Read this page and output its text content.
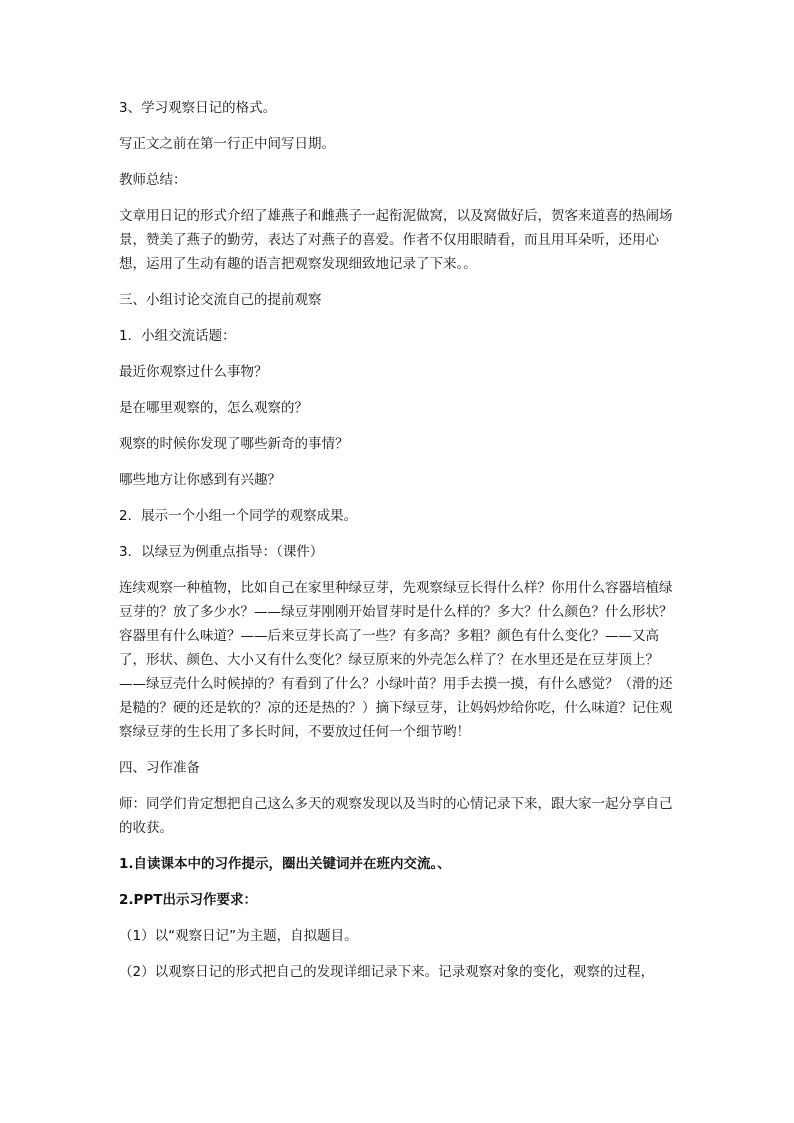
3、学习观察日记的格式。

写正文之前在第一行正中间写日期。

教师总结：

文章用日记的形式介绍了雄燕子和雌燕子一起衔泥做窝，以及窝做好后，贺客来道喜的热闹场景，赞美了燕子的勤劳，表达了对燕子的喜爱。作者不仅用眼睛看，而且用耳朵听，还用心想，运用了生动有趣的语言把观察发现细致地记录了下来。。

三、小组讨论交流自己的提前观察

1．小组交流话题：

最近你观察过什么事物？

是在哪里观察的，怎么观察的？

观察的时候你发现了哪些新奇的事情？

哪些地方让你感到有兴趣？

2．展示一个小组一个同学的观察成果。

3．以绿豆为例重点指导：（课件）

连续观察一种植物，比如自己在家里种绿豆芽，先观察绿豆长得什么样？你用什么容器培植绿豆芽的？放了多少水？——绿豆芽刚刚开始冒芽时是什么样的？多大？什么颜色？什么形状？容器里有什么味道？——后来豆芽长高了一些？有多高？多粗？颜色有什么变化？——又高了，形状、颜色、大小又有什么变化？绿豆原来的外壳怎么样了？在水里还是在豆芽顶上？——绿豆壳什么时候掉的？有看到了什么？小绿叶苗？用手去摸一摸，有什么感觉？（滑的还是糙的？硬的还是软的？凉的还是热的？）摘下绿豆芽，让妈妈炒给你吃，什么味道？记住观察绿豆芽的生长用了多长时间，不要放过任何一个细节哟！

四、习作准备

师：同学们肯定想把自己这么多天的观察发现以及当时的心情记录下来，跟大家一起分享自己的收获。

1.自读课本中的习作提示，圈出关键词并在班内交流。、

2.PPT出示习作要求：

（1）以“观察日记”为主题，自拟题目。

（2）以观察日记的形式把自己的发现详细记录下来。记录观察对象的变化，观察的过程，
